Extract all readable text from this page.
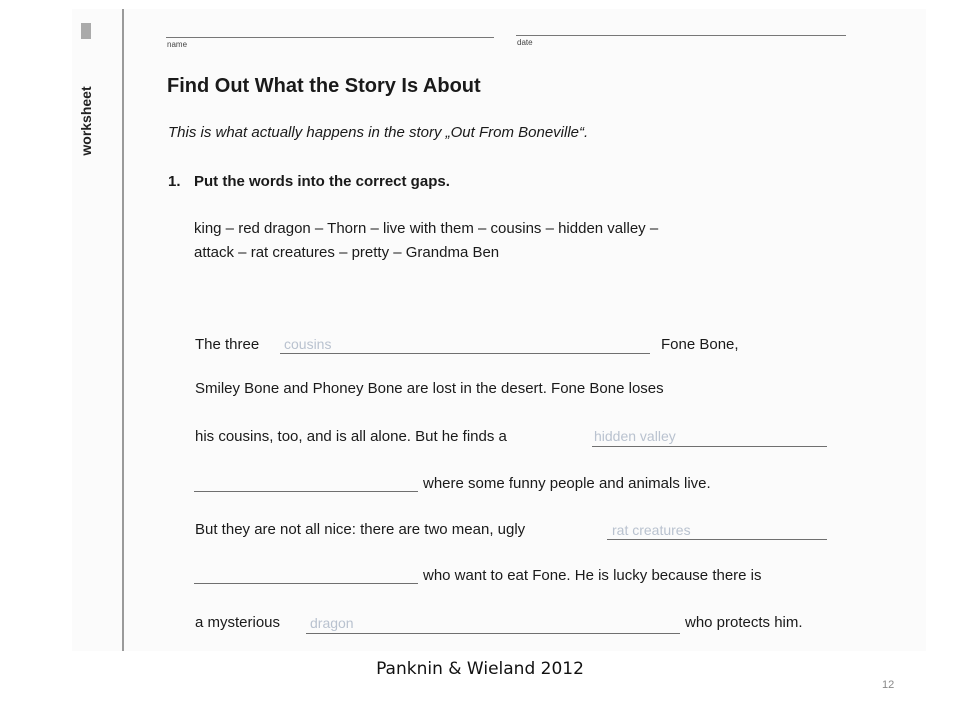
worksheet
name	date
Find Out What the Story Is About
This is what actually happens in the story „Out From Boneville“.
1. Put the words into the correct gaps.
king – red dragon – Thorn – live with them – cousins – hidden valley –
attack – rat creatures – pretty – Grandma Ben
The three cousins	Fone Bone,
Smiley Bone and Phoney Bone are lost in the desert. Fone Bone loses
his cousins, too, and is all alone. But he finds a	hidden valley
where some funny people and animals live.
But they are not all nice: there are two mean, ugly	rat creatures
who want to eat Fone. He is lucky because there is
a mysterious dragon	who protects him.
Panknin & Wieland 2012
12
